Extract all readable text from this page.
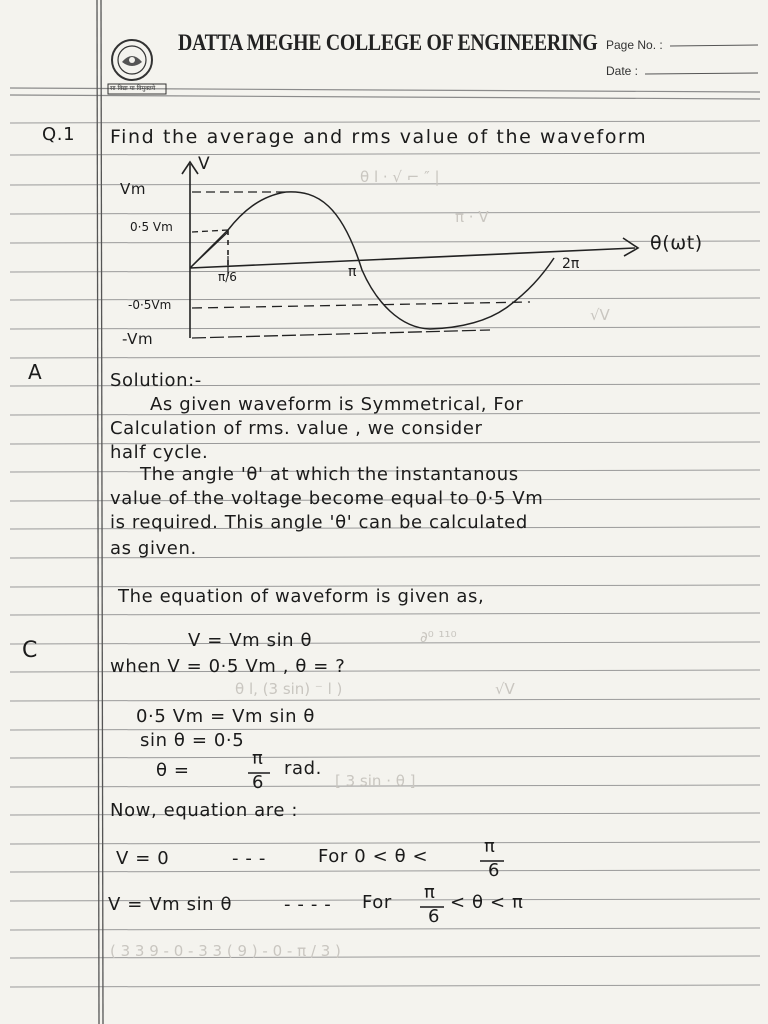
सा विद्या या विमुक्तये
DATTA MEGHE COLLEGE OF ENGINEERING Page No. :
Date :
θ l · √ ⌐ ″ |
π · V
√V
∂⁰ ¹¹⁰
θ l, (3 sin) ⁻ l )	√V
[ 3 sin · θ ]
( 3 3 9 - 0 - 3 3 ( 9 ) - 0 - π / 3 )
Q.1 Find the average and rms value of the waveform
V
θ(ωt)
Vm
0·5 Vm
-0·5Vm
-Vm
π/6	π	2π
A
C
Solution:-
As given waveform is Symmetrical, For
Calculation of rms. value , we consider
half cycle.
The angle 'θ' at which the instantanous
value of the voltage become equal to 0·5 Vm
is required. This angle 'θ' can be calculated
as given.
The equation of waveform is given as,
V = Vm sin θ
when V = 0·5 Vm , θ = ?
0·5 Vm = Vm sin θ
sin θ = 0·5
θ =
π
6
rad.
Now, equation are :
V = 0	- - -	For 0 < θ <	π
6
V = Vm sin θ	- - - - For π
6
< θ < π
